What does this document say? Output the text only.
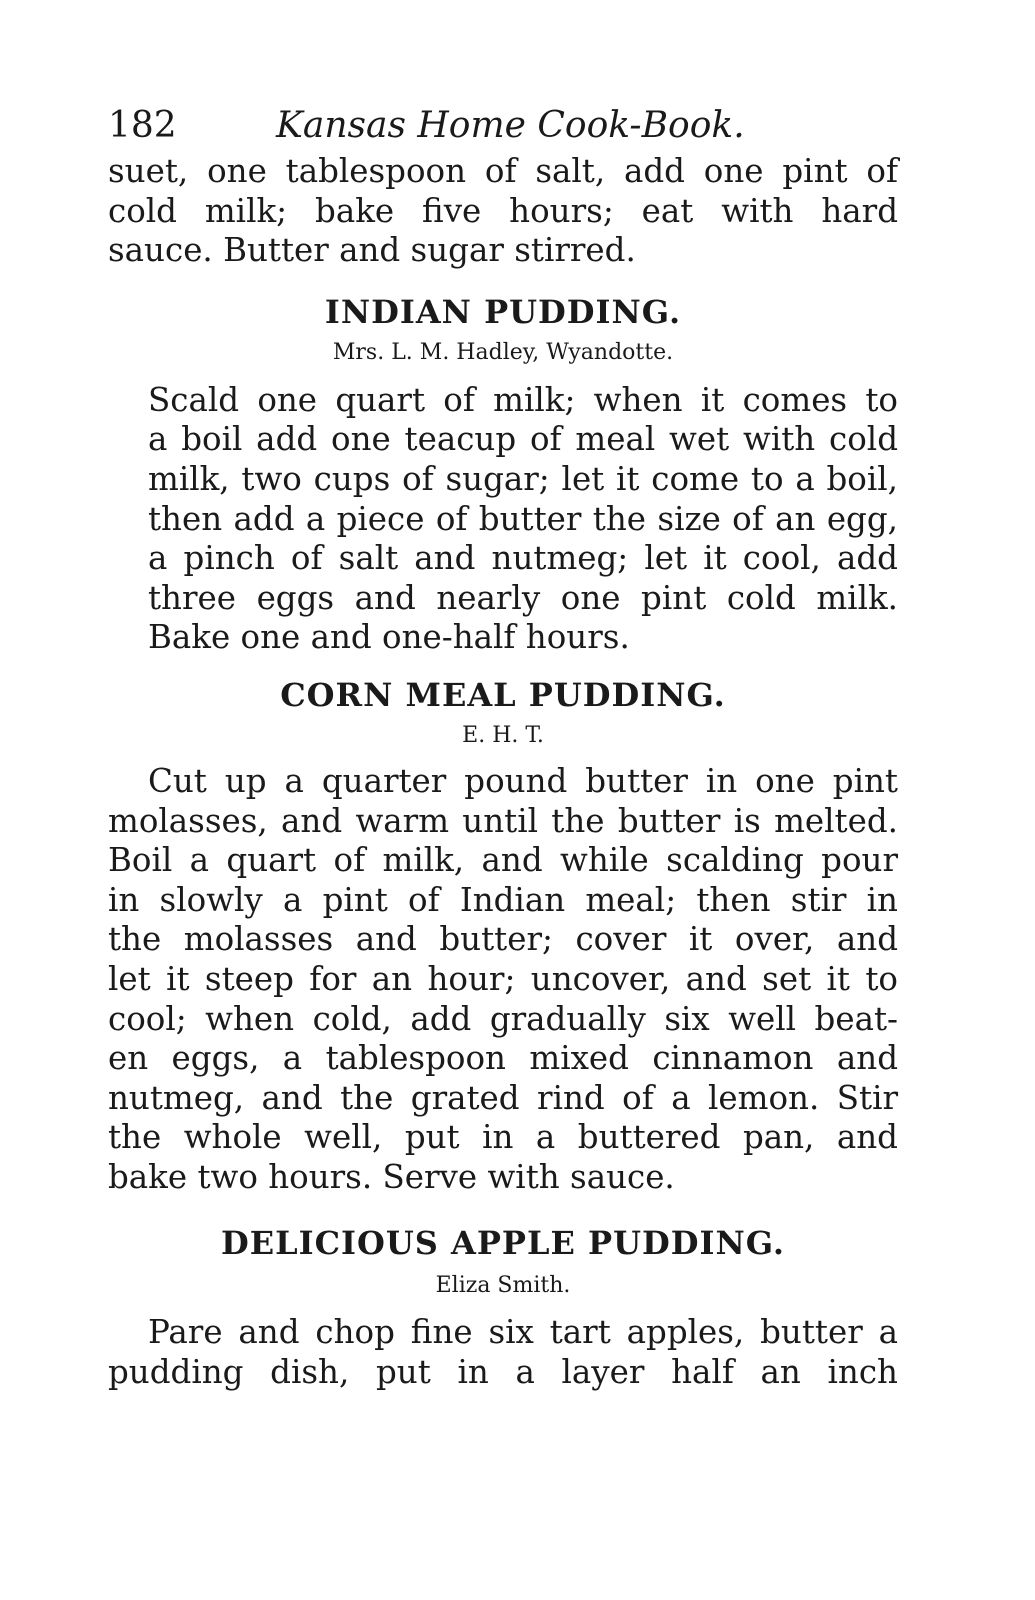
182	Kansas Home Cook-Book.

suet, one tablespoon of salt, add one pint of
cold milk; bake five hours; eat with hard
sauce. Butter and sugar stirred.

INDIAN PUDDING.

Mrs. L. M. Hadley, Wyandotte.

Scald one quart of milk; when it comes to
a boil add one teacup of meal wet with cold
milk, two cups of sugar; let it come to a boil,
then add a piece of butter the size of an egg,
a pinch of salt and nutmeg; let it cool, add
three eggs and nearly one pint cold milk.
Bake one and one-half hours.

CORN MEAL PUDDING.

E. H. T.

Cut up a quarter pound butter in one pint
molasses, and warm until the butter is melted.
Boil a quart of milk, and while scalding pour
in slowly a pint of Indian meal; then stir in
the molasses and butter; cover it over, and
let it steep for an hour; uncover, and set it to
cool; when cold, add gradually six well beat-
en eggs, a tablespoon mixed cinnamon and
nutmeg, and the grated rind of a lemon. Stir
the whole well, put in a buttered pan, and
bake two hours. Serve with sauce.

DELICIOUS APPLE PUDDING.

Eliza Smith.

Pare and chop fine six tart apples, butter a
pudding dish, put in a layer half an inch
